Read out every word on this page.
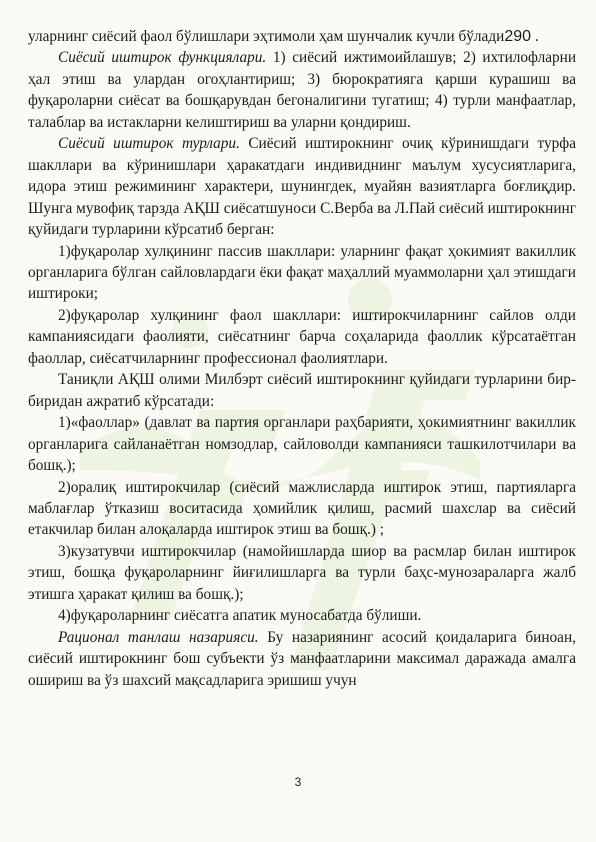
уларнинг сиёсий фаол бўлишлари эҳтимоли ҳам шунчалик кучли бўлади290 .

Сиёсий иштирок функциялари. 1) сиёсий ижтимоийлашув; 2) ихтилофларни ҳал этиш ва улардан огоҳлантириш; 3) бюрократияга қарши курашиш ва фуқароларни сиёсат ва бошқарувдан бегоналигини тугатиш; 4) турли манфаатлар, талаблар ва истакларни келиштириш ва уларни қондириш.

Сиёсий иштирок турлари. Сиёсий иштирокнинг очиқ кўринишдаги турфа шакллари ва кўринишлари ҳаракатдаги индивиднинг маълум хусусиятларига, идора этиш режимининг характери, шунингдек, муайян вазиятларга боғлиқдир. Шунга мувофиқ тарзда АҚШ сиёсатшуноси С.Верба ва Л.Пай сиёсий иштирокнинг қуйидаги турларини кўрсатиб берган:

1)фуқаролар хулқининг пассив шакллари: уларнинг фақат ҳокимият вакиллик органларига бўлган сайловлардаги ёки фақат маҳаллий муаммоларни ҳал этишдаги иштироки;

2)фуқаролар хулқининг фаол шакллари: иштирокчиларнинг сайлов олди кампаниясидаги фаолияти, сиёсатнинг барча соҳаларида фаоллик кўрсатаётган фаоллар, сиёсатчиларнинг профессионал фаолиятлари.

Таниқли АҚШ олими Милбэрт сиёсий иштирокнинг қуйидаги турларини бир-биридан ажратиб кўрсатади:

1)«фаоллар» (давлат ва партия органлари раҳбарияти, ҳокимиятнинг вакиллик органларига сайланаётган номзодлар, сайловолди кампанияси ташкилотчилари ва бошқ.);

2)оралиқ иштирокчилар (сиёсий мажлисларда иштирок этиш, партияларга маблағлар ўтказиш воситасида ҳомийлик қилиш, расмий шахслар ва сиёсий етакчилар билан алоқаларда иштирок этиш ва бошқ.) ;

3)кузатувчи иштирокчилар (намойишларда шиор ва расмлар билан иштирок этиш, бошқа фуқароларнинг йиғилишларга ва турли баҳс-мунозараларга жалб этишга ҳаракат қилиш ва бошқ.);

4)фуқароларнинг сиёсатга апатик муносабатда бўлиши.

Рационал танлаш назарияси. Бу назариянинг асосий қоидаларига биноан, сиёсий иштирокнинг бош субъекти ўз манфаатларини максимал даражада амалга ошириш ва ўз шахсий мақсадларига эришиш учун

3
